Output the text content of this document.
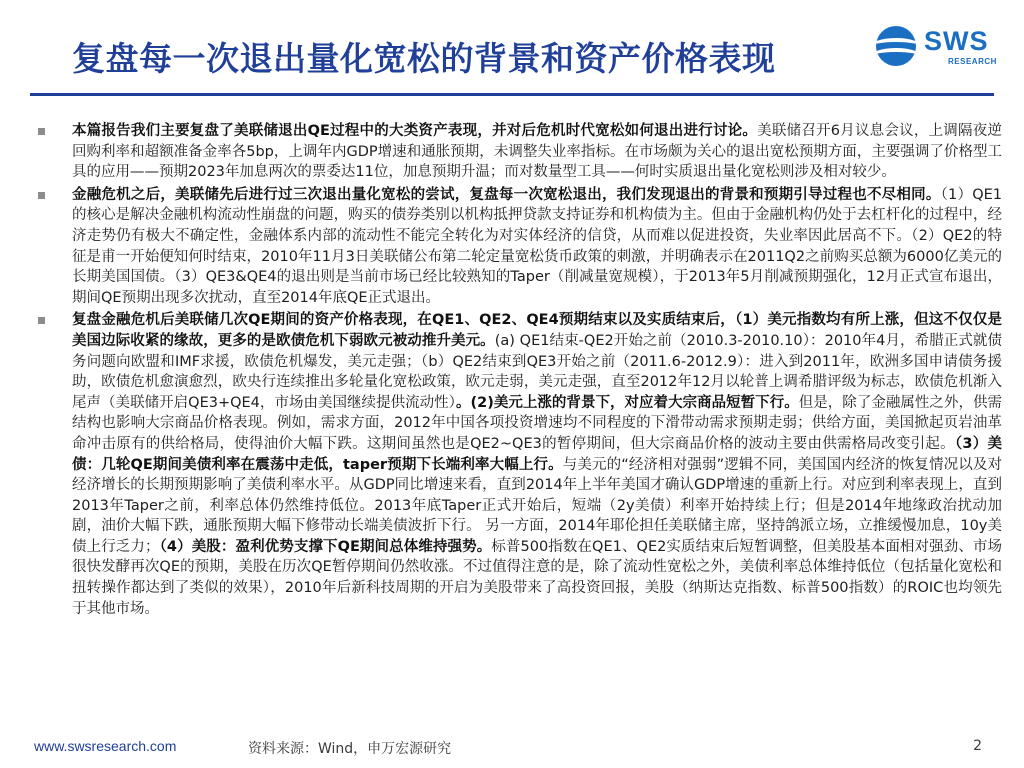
复盘每一次退出量化宽松的背景和资产价格表现	SWS
RESEARCH
本篇报告我们主要复盘了美联储退出QE过程中的大类资产表现，并对后危机时代宽松如何退出进行讨论。美联储召开6月议息会议，上调隔夜逆回购利率和超额准备金率各5bp，上调年内GDP增速和通胀预期，未调整失业率指标。在市场颇为关心的退出宽松预期方面，主要强调了价格型工具的应用——预期2023年加息两次的票委达11位，加息预期升温；而对数量型工具——何时实质退出量化宽松则涉及相对较少。
金融危机之后，美联储先后进行过三次退出量化宽松的尝试，复盘每一次宽松退出，我们发现退出的背景和预期引导过程也不尽相同。（1）QE1的核心是解决金融机构流动性崩盘的问题，购买的债券类别以机构抵押贷款支持证券和机构债为主。但由于金融机构仍处于去杠杆化的过程中，经济走势仍有极大不确定性，金融体系内部的流动性不能完全转化为对实体经济的信贷，从而难以促进投资，失业率因此居高不下。（2）QE2的特征是甫一开始便知何时结束，2010年11月3日美联储公布第二轮定量宽松货币政策的刺激，并明确表示在2011Q2之前购买总额为6000亿美元的长期美国国债。（3）QE3&QE4的退出则是当前市场已经比较熟知的Taper（削减量宽规模），于2013年5月削减预期强化，12月正式宣布退出，期间QE预期出现多次扰动，直至2014年底QE正式退出。
复盘金融危机后美联储几次QE期间的资产价格表现，在QE1、QE2、QE4预期结束以及实质结束后，（1）美元指数均有所上涨，但这不仅仅是美国边际收紧的缘故，更多的是欧债危机下弱欧元被动推升美元。(a) QE1结束-QE2开始之前（2010.3-2010.10）：2010年4月，希腊正式就债务问题向欧盟和IMF求援，欧债危机爆发，美元走强；（b）QE2结束到QE3开始之前（2011.6-2012.9）：进入到2011年，欧洲多国申请债务援助，欧债危机愈演愈烈，欧央行连续推出多轮量化宽松政策，欧元走弱，美元走强，直至2012年12月以轮普上调希腊评级为标志，欧债危机渐入尾声（美联储开启QE3+QE4，市场由美国继续提供流动性）。(2)美元上涨的背景下，对应着大宗商品短暂下行。但是，除了金融属性之外，供需结构也影响大宗商品价格表现。例如，需求方面，2012年中国各项投资增速均不同程度的下滑带动需求预期走弱；供给方面，美国掀起页岩油革命冲击原有的供给格局，使得油价大幅下跌。这期间虽然也是QE2~QE3的暂停期间，但大宗商品价格的波动主要由供需格局改变引起。（3）美债：几轮QE期间美债利率在震荡中走低，taper预期下长端利率大幅上行。与美元的“经济相对强弱”逻辑不同，美国国内经济的恢复情况以及对经济增长的长期预期影响了美债利率水平。从GDP同比增速来看，直到2014年上半年美国才确认GDP增速的重新上行。对应到利率表现上，直到2013年Taper之前，利率总体仍然维持低位。2013年底Taper正式开始后，短端（2y美债）利率开始持续上行；但是2014年地缘政治扰动加剧，油价大幅下跌，通胀预期大幅下修带动长端美债波折下行。 另一方面，2014年耶伦担任美联储主席，坚持鸽派立场，立推缓慢加息，10y美债上行乏力；（4）美股：盈利优势支撑下QE期间总体维持强势。标普500指数在QE1、QE2实质结束后短暂调整，但美股基本面相对强劲、市场很快发酵再次QE的预期，美股在历次QE暂停期间仍然收涨。不过值得注意的是，除了流动性宽松之外，美债利率总体维持低位（包括量化宽松和扭转操作都达到了类似的效果），2010年后新科技周期的开启为美股带来了高投资回报，美股（纳斯达克指数、标普500指数）的ROIC也均领先于其他市场。
www.swsresearch.com	资料来源：Wind，申万宏源研究	2
